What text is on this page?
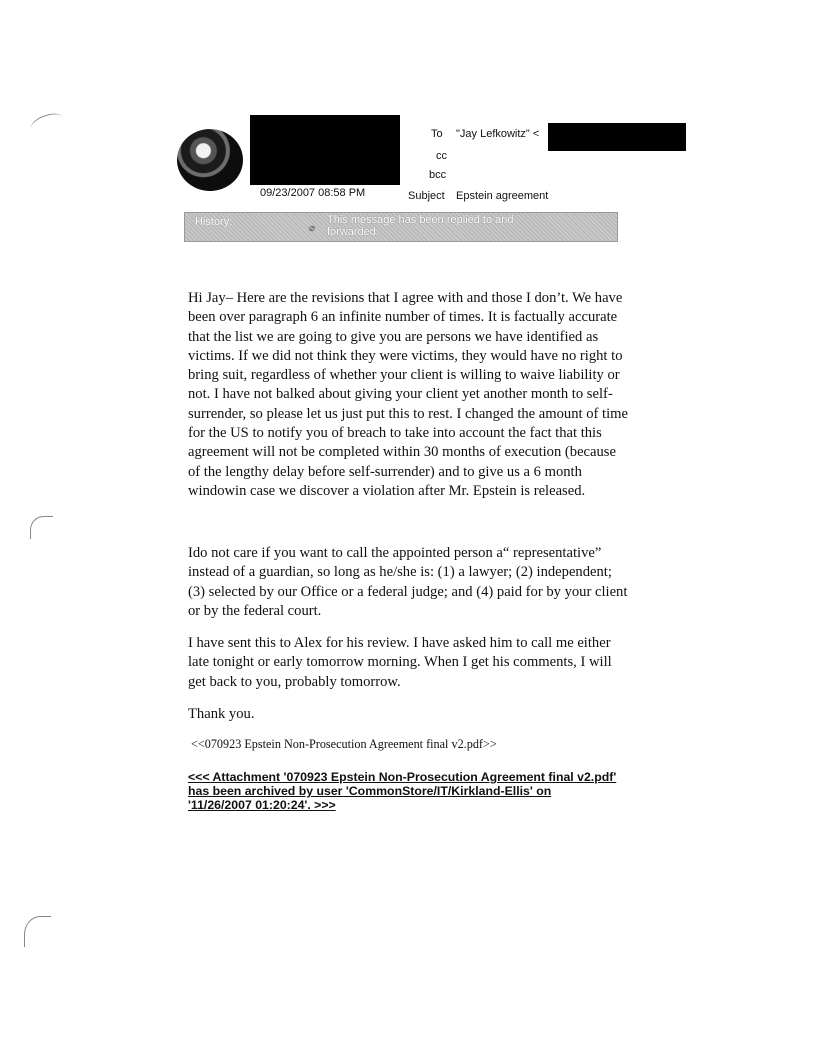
09/23/2007 08:58 PM
To "Jay Lefkowitz" <
cc
bcc
Subject Epstein agreement
History:
⌀
This message has been replied to and forwarded.

Hi Jay– Here are the revisions that I agree with and those I don’t. We have been over paragraph 6 an infinite number of times. It is factually accurate that the list we are going to give you are persons we have identified as victims. If we did not think they were victims, they would have no right to bring suit, regardless of whether your client is willing to waive liability or not. I have not balked about giving your client yet another month to self-surrender, so please let us just put this to rest. I changed the amount of time for the US to notify you of breach to take into account the fact that this agreement will not be completed within 30 months of execution (because of the lengthy delay before self-surrender) and to give us a 6 month windowin case we discover a violation after Mr. Epstein is released.

Ido not care if you want to call the appointed person a“ representative” instead of a guardian, so long as he/she is: (1) a lawyer; (2) independent; (3) selected by our Office or a federal judge; and (4) paid for by your client or by the federal court.

I have sent this to Alex for his review. I have asked him to call me either late tonight or early tomorrow morning. When I get his comments, I will get back to you, probably tomorrow.

Thank you.

<<070923 Epstein Non-Prosecution Agreement final v2.pdf>>
<<< Attachment '070923 Epstein Non-Prosecution Agreement final v2.pdf' has been archived by user 'CommonStore/IT/Kirkland-Ellis' on '11/26/2007 01:20:24'. >>>
